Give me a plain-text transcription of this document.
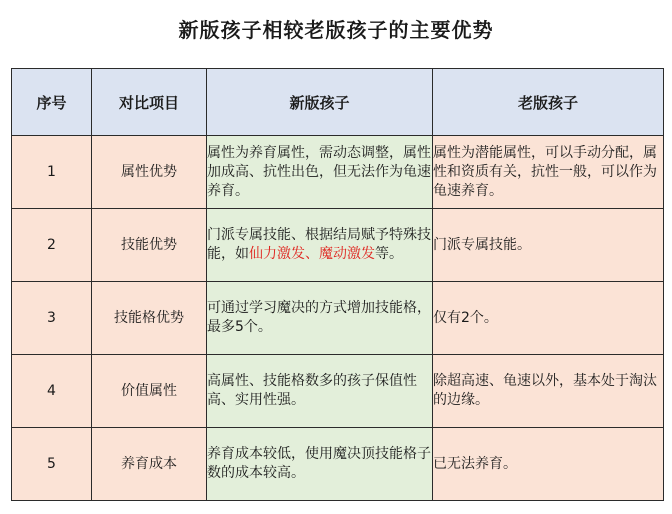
新版孩子相较老版孩子的主要优势
序号	对比项目	新版孩子	老版孩子
1	属性优势	属性为养育属性，需动态调整，属性加成高、抗性出色，但无法作为龟速养育。	属性为潜能属性，可以手动分配，属性和资质有关，抗性一般，可以作为龟速养育。
2	技能优势	门派专属技能、根据结局赋予特殊技能，如仙力激发、魔动激发等。	门派专属技能。
3	技能格优势	可通过学习魔决的方式增加技能格，最多5个。	仅有2个。
4	价值属性	高属性、技能格数多的孩子保值性高、实用性强。	除超高速、龟速以外，基本处于淘汰的边缘。
5	养育成本	养育成本较低，使用魔决顶技能格子数的成本较高。	已无法养育。
